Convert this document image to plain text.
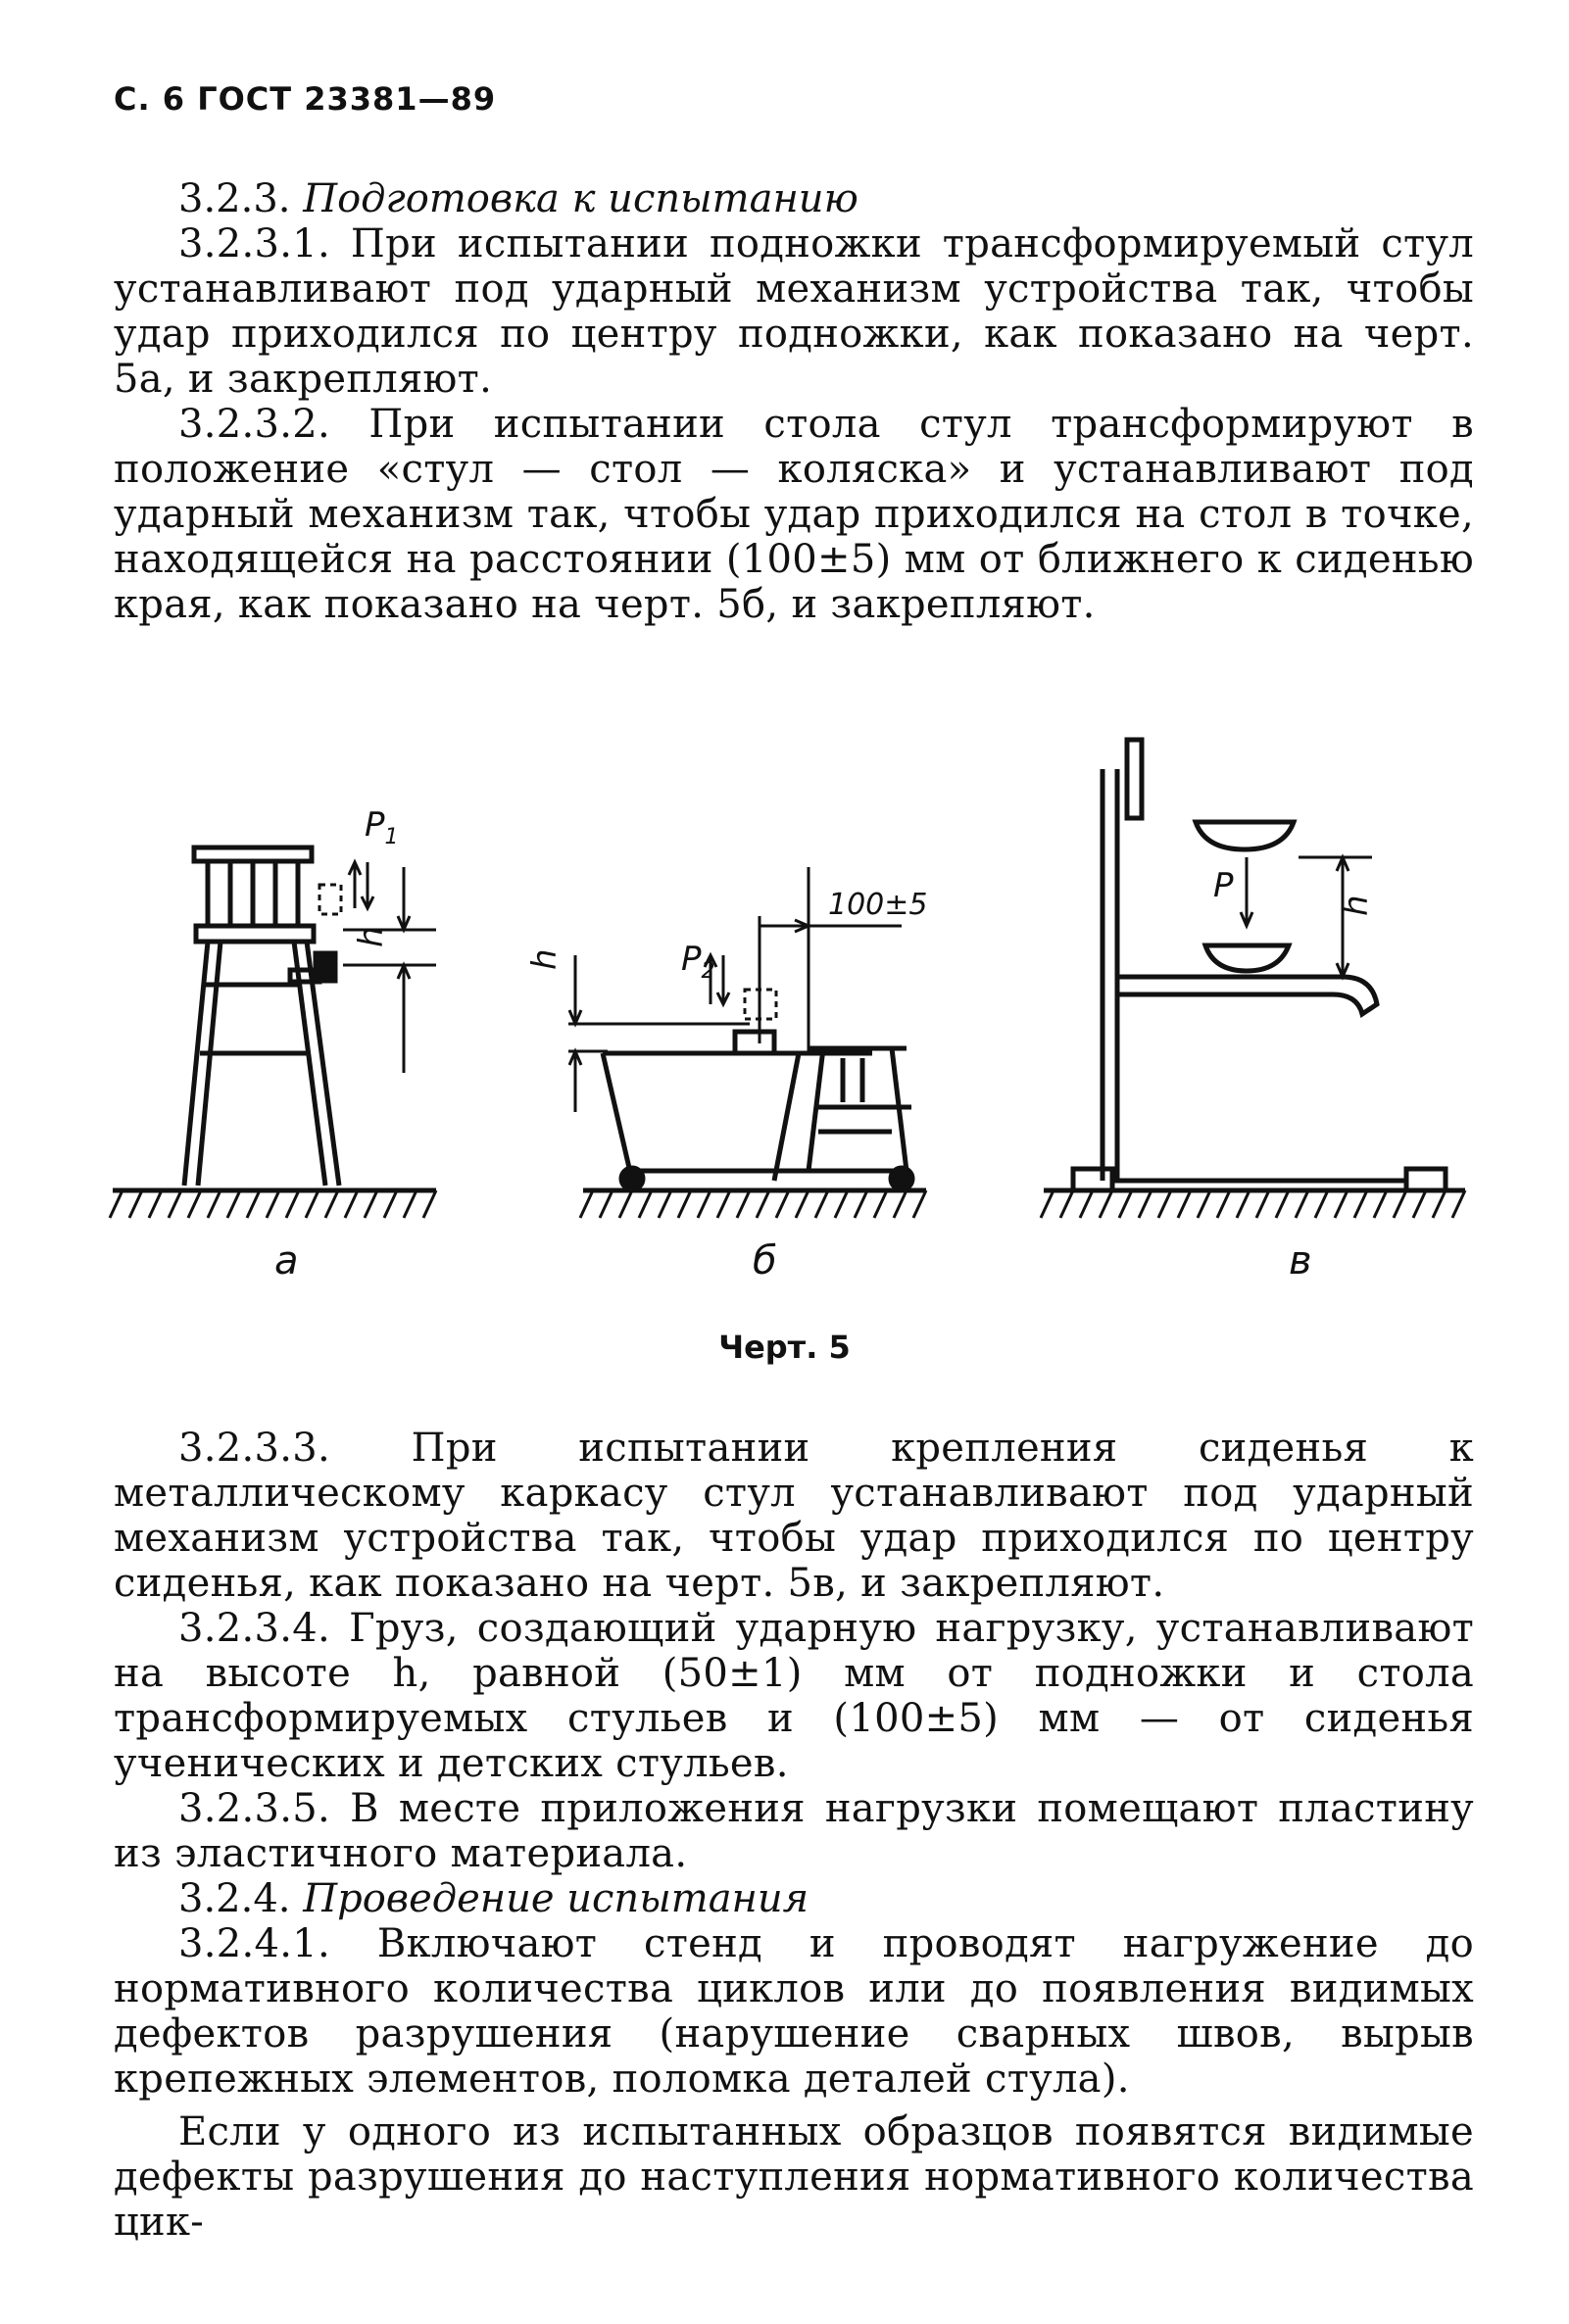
С. 6 ГОСТ 23381—89

3.2.3. Подготовка к испытанию

3.2.3.1. При испытании подножки трансформируемый стул устанавливают под ударный механизм устройства так, чтобы удар приходился по центру подножки, как показано на черт. 5а, и закрепляют.

3.2.3.2. При испытании стола стул трансформируют в положение «стул — стол — коляска» и устанавливают под ударный механизм так, чтобы удар приходился на стол в точке, находящейся на расстоянии (100±5) мм от ближнего к сиденью края, как показано на черт. 5б, и закрепляют.

$P_1$
h
$P_2$
h
100±5	P
h
а	б	в
Черт. 5

3.2.3.3. При испытании крепления сиденья к металлическому каркасу стул устанавливают под ударный механизм устройства так, чтобы удар приходился по центру сиденья, как показано на черт. 5в, и закрепляют.

3.2.3.4. Груз, создающий ударную нагрузку, устанавливают на высоте h, равной (50±1) мм от подножки и стола трансформируемых стульев и (100±5) мм — от сиденья ученических и детских стульев.

3.2.3.5. В месте приложения нагрузки помещают пластину из эластичного материала.

3.2.4. Проведение испытания

3.2.4.1. Включают стенд и проводят нагружение до нормативного количества циклов или до появления видимых дефектов разрушения (нарушение сварных швов, вырыв крепежных элементов, поломка деталей стула).

Если у одного из испытанных образцов появятся видимые дефекты разрушения до наступления нормативного количества цик-
